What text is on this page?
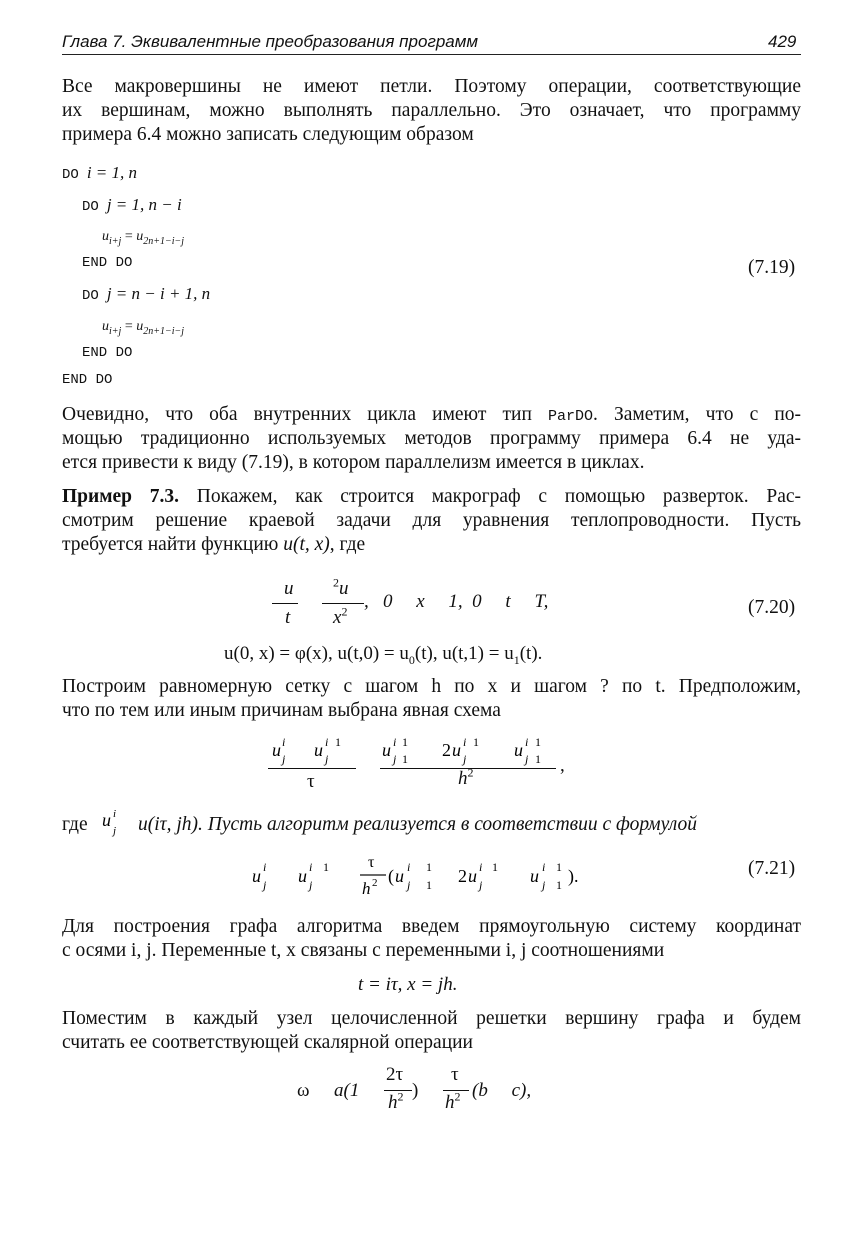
Глава 7. Эквивалентные преобразования программ	429
Все макровершины не имеют петли. Поэтому операции, соответствующие
их вершинам, можно выполнять параллельно. Это означает, что программу
примера 6.4 можно записать следующим образом
DO i = 1, n
DO j = 1, n − i
$u_{i+j} = u_{2n+1-i-j}$
END DO	(7.19)
DO j = n − i + 1, n
$u_{i+j} = u_{2n+1-i-j}$
END DO
END DO
Очевидно, что оба внутренних цикла имеют тип ParDO. Заметим, что с по-
мощью традиционно используемых методов программу примера 6.4 не уда-
ется привести к виду (7.19), в котором параллелизм имеется в циклах.
Пример 7.3. Покажем, как строится макрограф с помощью разверток. Рас-
смотрим решение краевой задачи для уравнения теплопроводности. Пусть
требуется найти функцию u(t, x), где
u
t
$^2$u
$x^2$ ,   0     x     1,  0     t     T,	(7.20)
u(0, x) = φ(x), $u(t,0) = u_0(t)$, $u(t,1) = u_1(t)$.
Построим равномерную сетку с шагом h по x и шагом ? по t. Предположим,
что по тем или иным причинам выбрана явная схема
u i
j u i 1
j
τ
u i 1
j 1 2 u i 1
j	u i 1
j 1
$h^2$	,
где u i
j u(iτ, jh). Пусть алгоритм реализуется в соответствии с формулой
u i
j u i 1
j
τ
h 2 ( u i 1
j 1 2 u i 1
j	u i 1
j 1 ).	(7.21)
Для построения графа алгоритма введем прямоугольную систему координат
с осями i, j. Переменные t, x связаны с переменными i, j соотношениями
t = iτ, x = jh.
Поместим в каждый узел целочисленной решетки вершину графа и будем
считать ее соответствующей скалярной операции
ω a(1
2τ
$h^2$ )
τ
$h^2$ (b     c),
